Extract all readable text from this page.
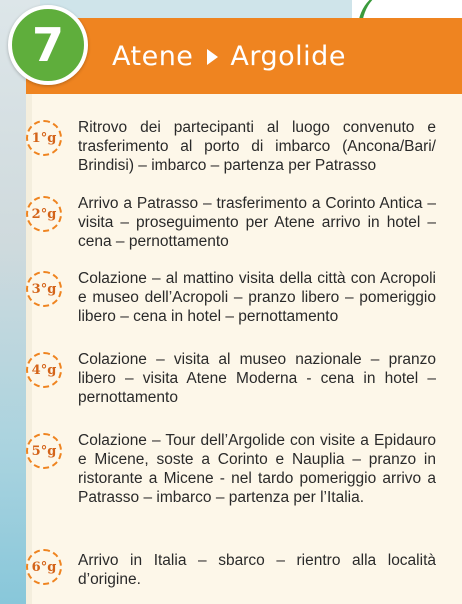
7 Atene Argolide
1°g

Ritrovo dei partecipanti al luogo convenuto e trasferimento al porto di imbarco (Ancona/Bari/ Brindisi) – imbarco – partenza per Patrasso

2°g

Arrivo a Patrasso – trasferimento a Corinto Antica – visita – proseguimento per Atene arrivo in hotel – cena – pernottamento

3°g

Colazione – al mattino visita della città con Acropoli e museo dell’Acropoli – pranzo libero – pomeriggio libero – cena in hotel – pernottamento

4°g

Colazione – visita al museo nazionale – pranzo libero – visita Atene Moderna - cena in hotel – pernottamento

5°g

Colazione – Tour dell’Argolide con visite a Epidauro e Micene, soste a Corinto e Nauplia – pranzo in ristorante a Micene - nel tardo pomeriggio arrivo a Patrasso – imbarco – partenza per l’Italia.

6°g	Arrivo in Italia – sbarco – rientro alla località d’origine.
